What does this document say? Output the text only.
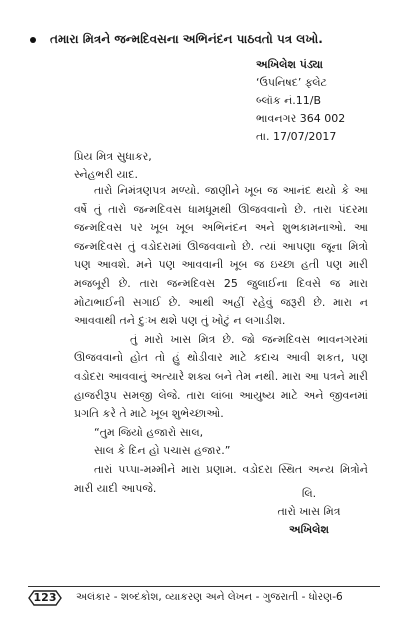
તમારા મિત્રને જન્મદિવસના અભિનંદન પાઠવતો પત્ર લખો.
અખિલેશ પંડ્યા
‘ઉપનિષદ’ ફ્લેટ
બ્લૉક નં.11/B
ભાવનગર 364 002
તા. 17/07/2017
પ્રિય મિત્ર સુધાકર,
સ્નેહભરી યાદ.

તારો નિમંત્રણપત્ર મળ્યો. જાણીને ખૂબ જ આનંદ થયો કે આ વર્ષે તું તારો જન્મદિવસ ધામધૂમથી ઊજવવાનો છે. તારા પંદરમા જન્મદિવસ પર ખૂબ ખૂબ અભિનંદન અને શુભકામનાઓ. આ જન્મદિવસ તું વડોદરામાં ઊજવવાનો છે. ત્યાં આપણા જૂના મિત્રો પણ આવશે. મને પણ આવવાની ખૂબ જ ઇચ્છા હતી પણ મારી મજબૂરી છે. તારા જન્મદિવસ 25 જુલાઈના દિવસે જ મારા મોટાભાઈની સગાઈ છે. આથી અહીં રહેવું જરૂરી છે. મારા ન આવવાથી તને દુઃખ થશે પણ તું ખોટું ન લગાડીશ.

તું મારો ખાસ મિત્ર છે. જો જન્મદિવસ ભાવનગરમાં ઊજવવાનો હોત તો હું થોડીવાર માટે કદાચ આવી શકત, પણ વડોદરા આવવાનું અત્યારે શક્ય બને તેમ નથી. મારા આ પત્રને મારી હાજરીરૂપ સમજી લેજે. તારા લાંબા આયુષ્ય માટે અને જીવનમાં પ્રગતિ કરે તે માટે ખૂબ શુભેચ્છાઓ.

“તુમ જિયો હજારો સાલ,
સાલ કે દિન હો પચાસ હજાર.”

તારાં પપ્પા-મમ્મીને મારા પ્રણામ. વડોદરા સ્થિત અન્ય મિત્રોને મારી યાદી આપજે.	લિ.
તારો ખાસ મિત્ર
અખિલેશ
123	અલંકાર - શબ્દકોશ, વ્યાકરણ અને લેખન - ગુજરાતી - ધોરણ-6
